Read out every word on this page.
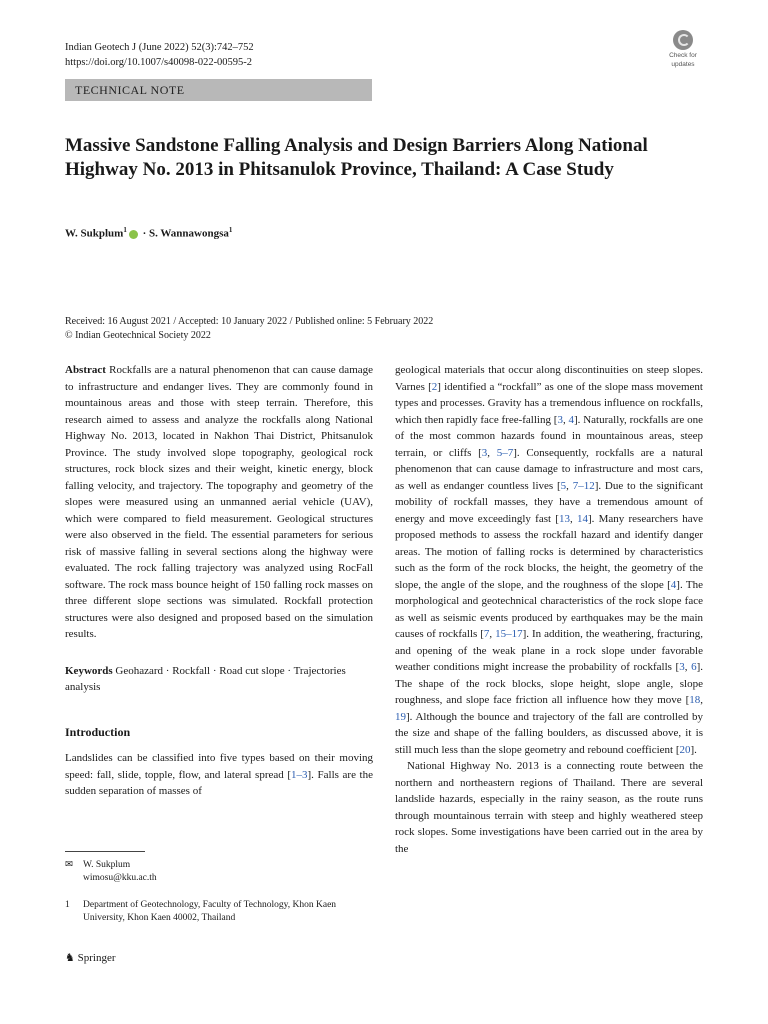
Indian Geotech J (June 2022) 52(3):742–752
https://doi.org/10.1007/s40098-022-00595-2
Check for
updates
TECHNICAL NOTE
Massive Sandstone Falling Analysis and Design Barriers Along National Highway No. 2013 in Phitsanulok Province, Thailand: A Case Study
W. Sukplum$^1$ · S. Wannawongsa$^1$
Received: 16 August 2021 / Accepted: 10 January 2022 / Published online: 5 February 2022
© Indian Geotechnical Society 2022

Abstract Rockfalls are a natural phenomenon that can cause damage to infrastructure and endanger lives. They are commonly found in mountainous areas and those with steep terrain. Therefore, this research aimed to assess and analyze the rockfalls along National Highway No. 2013, located in Nakhon Thai District, Phitsanulok Province. The study involved slope topography, geological rock structures, rock block sizes and their weight, kinetic energy, block falling velocity, and trajectory. The topography and geometry of the slopes were measured using an unmanned aerial vehicle (UAV), which were compared to field measurement. Geological structures were also observed in the field. The essential parameters for serious risk of massive falling in several sections along the highway were evaluated. The rock falling trajectory was analyzed using RocFall software. The rock mass bounce height of 150 falling rock masses on three different slope sections was simulated. Rockfall protection structures were also designed and proposed based on the simulation results.

Keywords Geohazard · Rockfall · Road cut slope · Trajectories analysis

Introduction

Landslides can be classified into five types based on their moving speed: fall, slide, topple, flow, and lateral spread [1–3]. Falls are the sudden separation of masses of

geological materials that occur along discontinuities on steep slopes. Varnes [2] identified a “rockfall” as one of the slope mass movement types and processes. Gravity has a tremendous influence on rockfalls, which then rapidly face free-falling [3, 4]. Naturally, rockfalls are one of the most common hazards found in mountainous areas, steep terrain, or cliffs [3, 5–7]. Consequently, rockfalls are a natural phenomenon that can cause damage to infrastructure and most cars, as well as endanger countless lives [5, 7–12]. Due to the significant mobility of rockfall masses, they have a tremendous amount of energy and move exceedingly fast [13, 14]. Many researchers have proposed methods to assess the rockfall hazard and identify danger areas. The motion of falling rocks is determined by characteristics such as the form of the rock blocks, the height, the geometry of the slope, the angle of the slope, and the roughness of the slope [4]. The morphological and geotechnical characteristics of the rock slope face as well as seismic events produced by earthquakes may be the main causes of rockfalls [7, 15–17]. In addition, the weathering, fracturing, and opening of the weak plane in a rock slope under favorable weather conditions might increase the probability of rockfalls [3, 6]. The shape of the rock blocks, slope height, slope angle, slope roughness, and slope face friction all influence how they move [18, 19]. Although the bounce and trajectory of the fall are controlled by the size and shape of the falling boulders, as discussed above, it is still much less than the slope geometry and rebound coefficient [20].

National Highway No. 2013 is a connecting route between the northern and northeastern regions of Thailand. There are several landslide hazards, especially in the rainy season, as the route runs through mountainous terrain with steep and highly weathered steep rock slopes. Some investigations have been carried out in the area by the

✉ W. Sukplum
wimosu@kku.ac.th
1 Department of Geotechnology, Faculty of Technology, Khon Kaen University, Khon Kaen 40002, Thailand
♞ Springer
